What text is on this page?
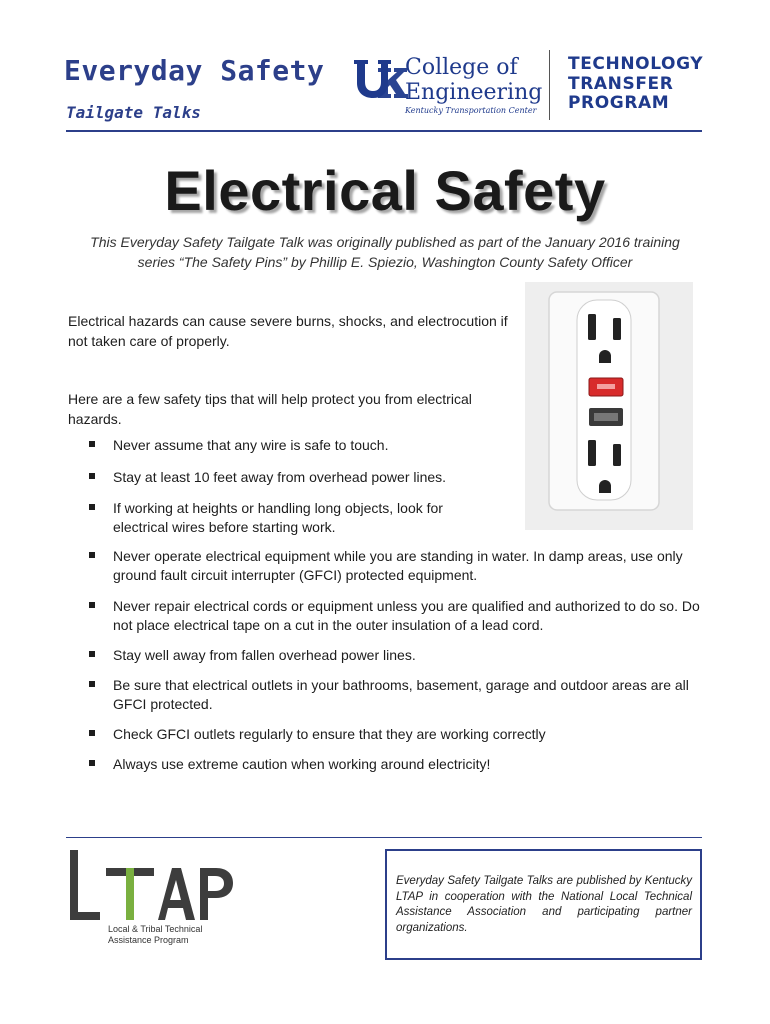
Everyday Safety
Tailgate Talks
College of
Engineering
Kentucky Transportation Center
TECHNOLOGY
TRANSFER
PROGRAM
Electrical Safety
This Everyday Safety Tailgate Talk was originally published as part of the January 2016 training series “The Safety Pins” by Phillip E. Spiezio, Washington County Safety Officer
Electrical hazards can cause severe burns, shocks, and electrocution if not taken care of properly.
Here are a few safety tips that will help protect you from electrical hazards.
Never assume that any wire is safe to touch.
Stay at least 10 feet away from overhead power lines.
If working at heights or handling long objects, look for electrical wires before starting work.
Never operate electrical equipment while you are standing in water. In damp areas, use only ground fault circuit interrupter (GFCI) protected equipment.
Never repair electrical cords or equipment unless you are qualified and authorized to do so. Do not place electrical tape on a cut in the outer insulation of a lead cord.
Stay well away from fallen overhead power lines.
Be sure that electrical outlets in your bathrooms, basement, garage and outdoor areas are all GFCI protected.
Check GFCI outlets regularly to ensure that they are working correctly
Always use extreme caution when working around electricity!
Local & Tribal Technical
Assistance Program
Everyday Safety Tailgate Talks are published by Kentucky LTAP in cooperation with the National Local Technical Assistance Association and participating partner organizations.
